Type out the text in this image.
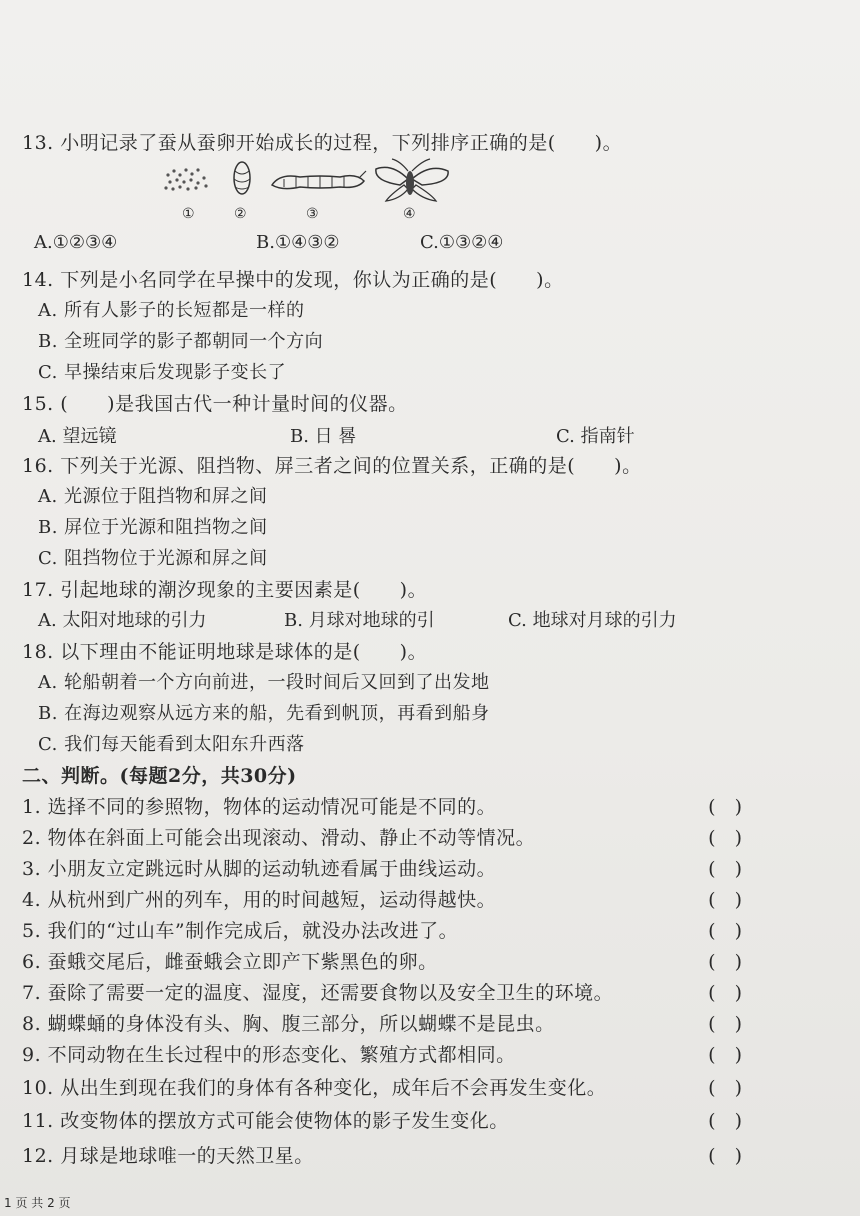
13. 小明记录了蚕从蚕卵开始成长的过程，下列排序正确的是(　　)。
①	②	③	④
A.①②③④	B.①④③②	C.①③②④
14. 下列是小名同学在早操中的发现，你认为正确的是(　　)。
A. 所有人影子的长短都是一样的
B. 全班同学的影子都朝同一个方向
C. 早操结束后发现影子变长了
15. (　　)是我国古代一种计量时间的仪器。
A. 望远镜	B. 日 晷	C. 指南针
16. 下列关于光源、阻挡物、屏三者之间的位置关系，正确的是(　　)。
A. 光源位于阻挡物和屏之间
B. 屏位于光源和阻挡物之间
C. 阻挡物位于光源和屏之间
17. 引起地球的潮汐现象的主要因素是(　　)。
A. 太阳对地球的引力	B. 月球对地球的引	C. 地球对月球的引力
18. 以下理由不能证明地球是球体的是(　　)。
A. 轮船朝着一个方向前进，一段时间后又回到了出发地
B. 在海边观察从远方来的船，先看到帆顶，再看到船身
C. 我们每天能看到太阳东升西落
二、判断。(每题2分，共30分)
1. 选择不同的参照物，物体的运动情况可能是不同的。	(　)
2. 物体在斜面上可能会出现滚动、滑动、静止不动等情况。	(　)
3. 小朋友立定跳远时从脚的运动轨迹看属于曲线运动。	(　)
4. 从杭州到广州的列车，用的时间越短，运动得越快。	(　)
5. 我们的“过山车”制作完成后，就没办法改进了。	(　)
6. 蚕蛾交尾后，雌蚕蛾会立即产下紫黑色的卵。	(　)
7. 蚕除了需要一定的温度、湿度，还需要食物以及安全卫生的环境。	(　)
8. 蝴蝶蛹的身体没有头、胸、腹三部分，所以蝴蝶不是昆虫。	(　)
9. 不同动物在生长过程中的形态变化、繁殖方式都相同。	(　)
10. 从出生到现在我们的身体有各种变化，成年后不会再发生变化。	(　)
11. 改变物体的摆放方式可能会使物体的影子发生变化。	(　)
12. 月球是地球唯一的天然卫星。	(　)
1 页 共 2 页
